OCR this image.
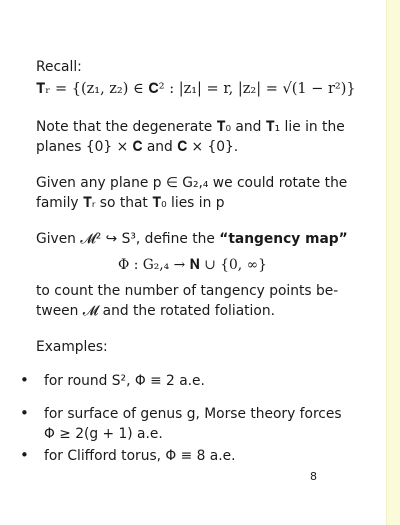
Recall:

𝐓ᵣ = {(z₁, z₂) ∈ 𝐂² : |z₁| = r, |z₂| = √(1 − r²)}

Note that the degenerate 𝐓₀ and 𝐓₁ lie in the

planes {0} × 𝐂 and 𝐂 × {0}.

Given any plane p ∈ G₂,₄ we could rotate the

family 𝐓ᵣ so that 𝐓₀ lies in p

Given 𝓜² ↪ S³, define the “tangency map”

Φ : G₂,₄ → 𝐍 ∪ {0, ∞}

to count the number of tangency points be-

tween 𝓜 and the rotated foliation.

Examples:

• for round S², Φ ≡ 2 a.e.
• for surface of genus g, Morse theory forces
Φ ≥ 2(g + 1) a.e.
• for Clifford torus, Φ ≡ 8 a.e.
8
